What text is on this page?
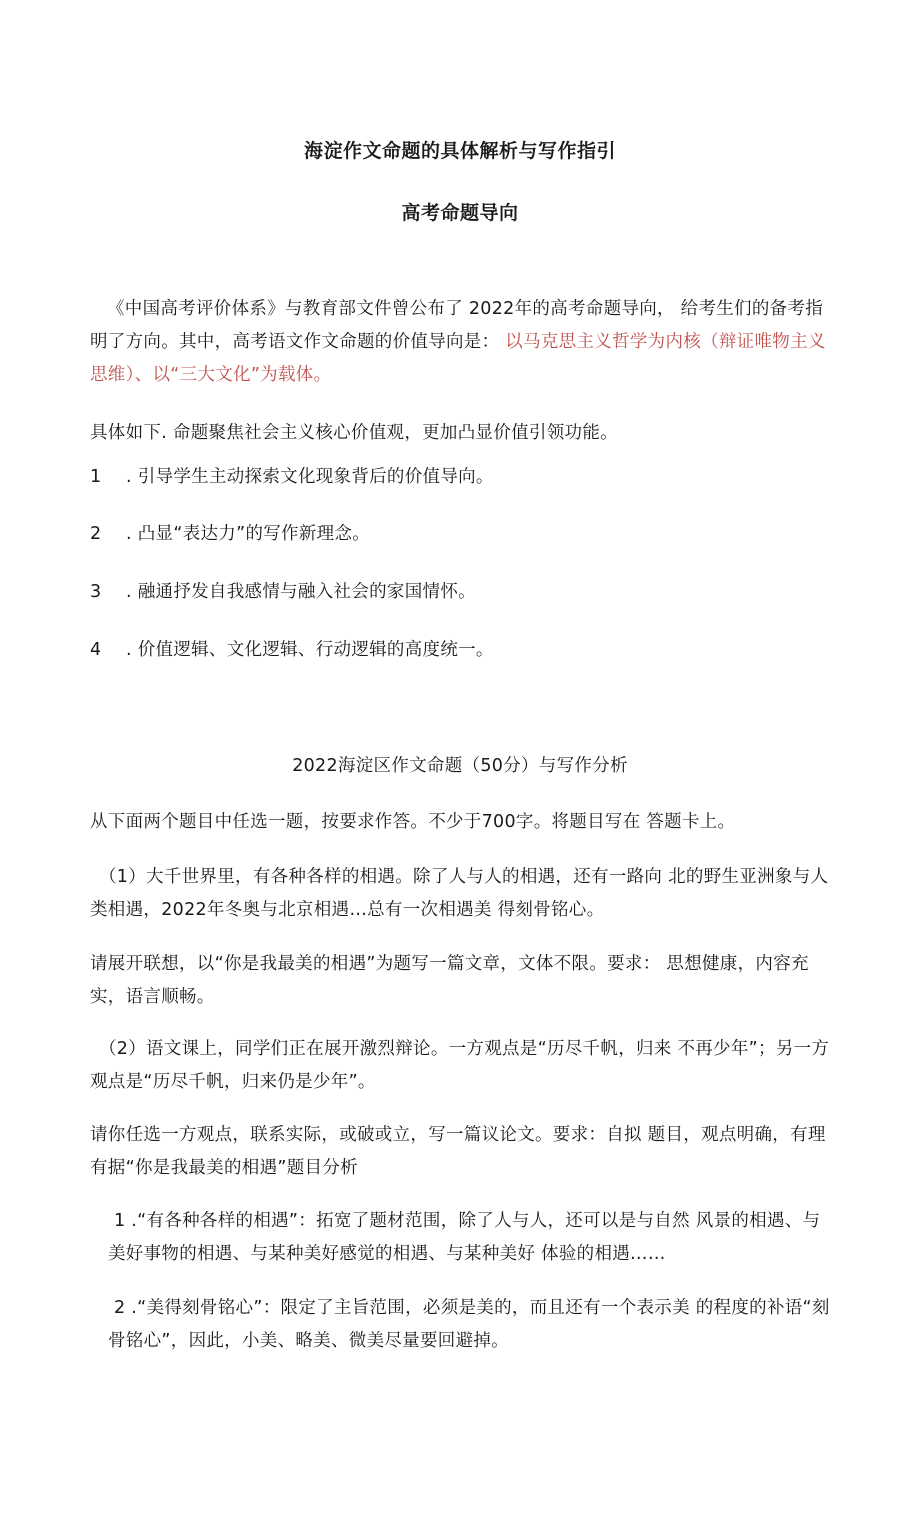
海淀作文命题的具体解析与写作指引
高考命题导向
《中国高考评价体系》与教育部文件曾公布了 2022年的高考命题导向， 给考生们的备考指明了方向。其中，高考语文作文命题的价值导向是： 以马克思主义哲学为内核（辩证唯物主义思维）、以“三大文化”为载体。
具体如下. 命题聚焦社会主义核心价值观，更加凸显价值引领功能。
1 . 引导学生主动探索文化现象背后的价值导向。
2 . 凸显“表达力”的写作新理念。
3 . 融通抒发自我感情与融入社会的家国情怀。
4 . 价值逻辑、文化逻辑、行动逻辑的高度统一。
2022海淀区作文命题（50分）与写作分析
从下面两个题目中任选一题，按要求作答。不少于700字。将题目写在 答题卡上。
（1）大千世界里，有各种各样的相遇。除了人与人的相遇，还有一路向 北的野生亚洲象与人类相遇，2022年冬奥与北京相遇…总有一次相遇美 得刻骨铭心。
请展开联想，以“你是我最美的相遇”为题写一篇文章，文体不限。要求： 思想健康，内容充实，语言顺畅。
（2）语文课上，同学们正在展开激烈辩论。一方观点是“历尽千帆，归来 不再少年”；另一方观点是“历尽千帆，归来仍是少年”。
请你任选一方观点，联系实际，或破或立，写一篇议论文。要求：自拟 题目，观点明确，有理有据“你是我最美的相遇”题目分析
1 .“有各种各样的相遇”：拓宽了题材范围，除了人与人，还可以是与自然 风景的相遇、与美好事物的相遇、与某种美好感觉的相遇、与某种美好 体验的相遇……
2 .“美得刻骨铭心”：限定了主旨范围，必须是美的，而且还有一个表示美 的程度的补语“刻骨铭心”，因此，小美、略美、微美尽量要回避掉。
